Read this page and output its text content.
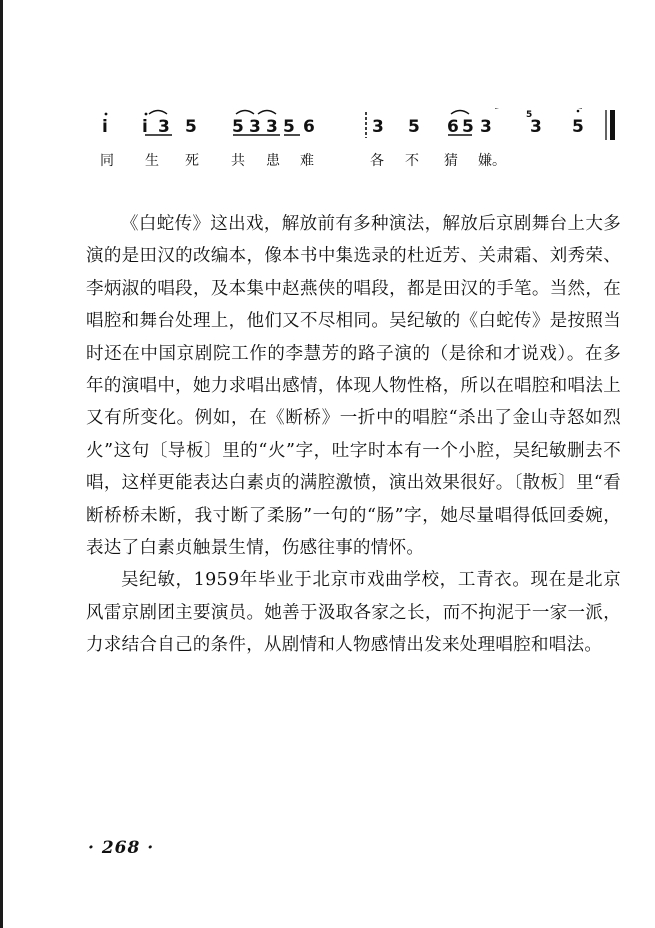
i i 3 5 5 3 3 5 6	3 5 6 5 3
5
3 5
同 生 死 共 患 难	各 不 猜 嫌。

《白蛇传》这出戏，解放前有多种演法，解放后京剧舞台上大多演的是田汉的改编本，像本书中集选录的杜近芳、关肃霜、刘秀荣、李炳淑的唱段，及本集中赵燕侠的唱段，都是田汉的手笔。当然，在唱腔和舞台处理上，他们又不尽相同。吴纪敏的《白蛇传》是按照当时还在中国京剧院工作的李慧芳的路子演的（是徐和才说戏）。在多年的演唱中，她力求唱出感情，体现人物性格，所以在唱腔和唱法上又有所变化。例如，在《断桥》一折中的唱腔“杀出了金山寺怒如烈火”这句〔导板〕里的“火”字，吐字时本有一个小腔，吴纪敏删去不唱，这样更能表达白素贞的满腔激愤，演出效果很好。〔散板〕里“看断桥桥未断，我寸断了柔肠”一句的“肠”字，她尽量唱得低回委婉，表达了白素贞触景生情，伤感往事的情怀。

吴纪敏，1959年毕业于北京市戏曲学校，工青衣。现在是北京风雷京剧团主要演员。她善于汲取各家之长，而不拘泥于一家一派，力求结合自己的条件，从剧情和人物感情出发来处理唱腔和唱法。

· 268 ·
